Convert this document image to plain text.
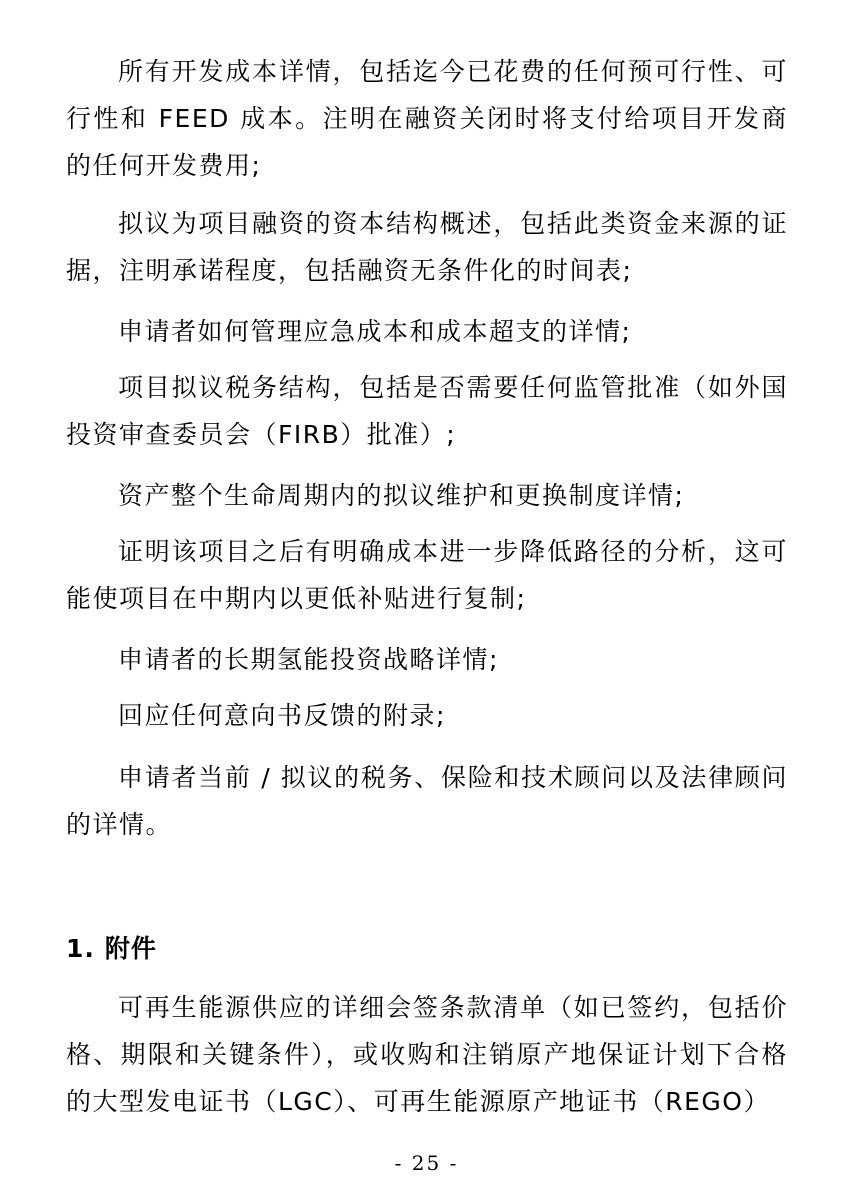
所有开发成本详情，包括迄今已花费的任何预可行性、可行性和 FEED 成本。注明在融资关闭时将支付给项目开发商的任何开发费用;

拟议为项目融资的资本结构概述，包括此类资金来源的证据，注明承诺程度，包括融资无条件化的时间表;

申请者如何管理应急成本和成本超支的详情;

项目拟议税务结构，包括是否需要任何监管批准（如外国投资审查委员会（FIRB）批准）;

资产整个生命周期内的拟议维护和更换制度详情;

证明该项目之后有明确成本进一步降低路径的分析，这可能使项目在中期内以更低补贴进行复制;

申请者的长期氢能投资战略详情;

回应任何意向书反馈的附录;

申请者当前 / 拟议的税务、保险和技术顾问以及法律顾问的详情。

1. 附件

可再生能源供应的详细会签条款清单（如已签约，包括价格、期限和关键条件），或收购和注销原产地保证计划下合格的大型发电证书（LGC）、可再生能源原产地证书（REGO）

- 25 -
